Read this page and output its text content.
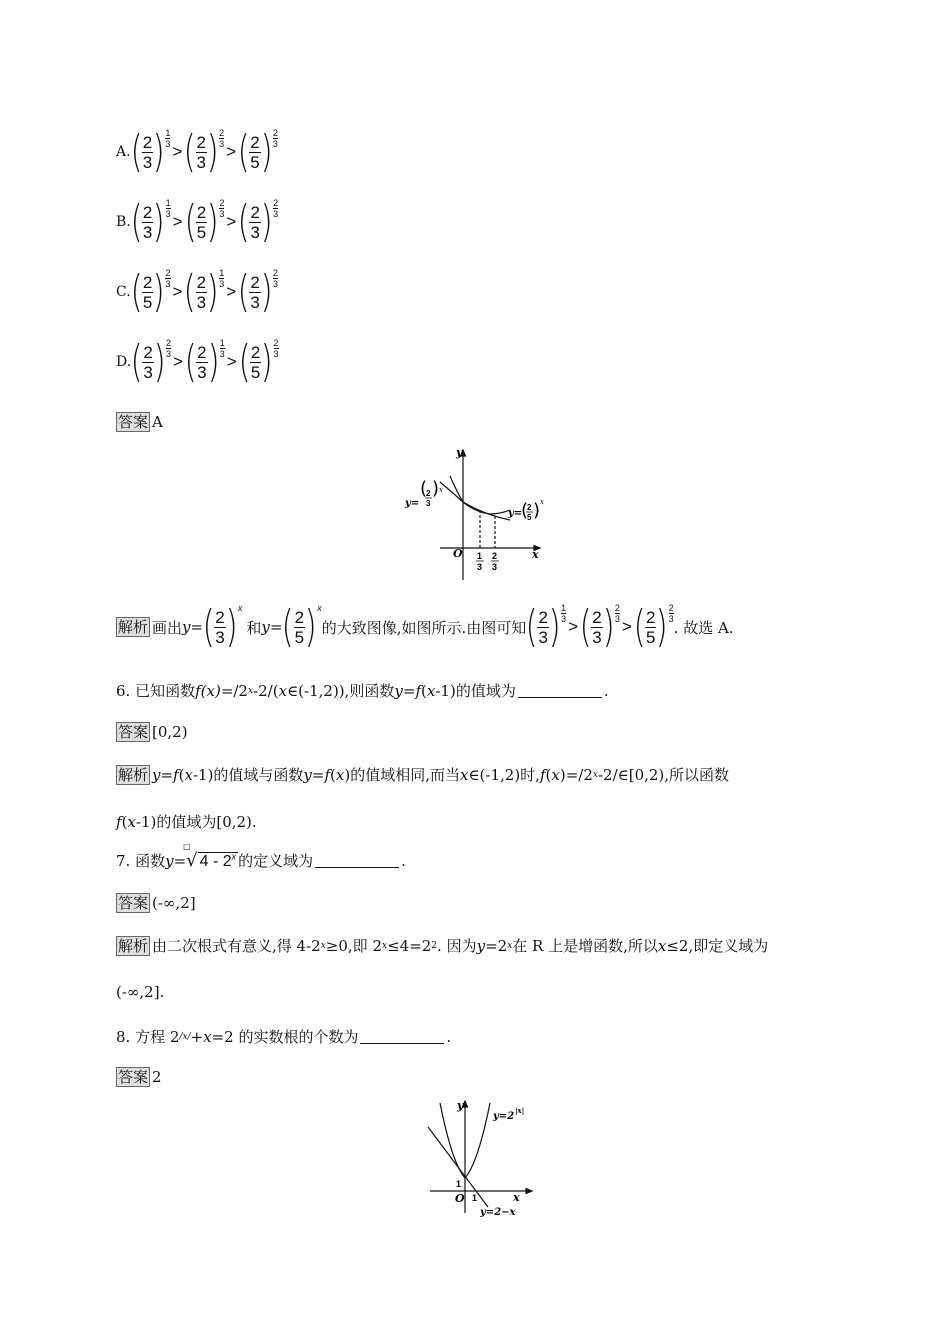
A. ( $\frac{2}{3}$ ) 1
3 > ( $\frac{2}{3}$ ) 2
3 > ( $\frac{2}{5}$ ) 2
3
B. ( $\frac{2}{3}$ ) 1
3 > ( $\frac{2}{5}$ ) 2
3 > ( $\frac{2}{3}$ ) 2
3
C. ( $\frac{2}{5}$ ) 2
3 > ( $\frac{2}{3}$ ) 1
3 > ( $\frac{2}{3}$ ) 2
3
D. ( $\frac{2}{3}$ ) 2
3 > ( $\frac{2}{3}$ ) 1
3 > ( $\frac{2}{5}$ ) 2
3
答案 A
y
x
O
y=
(
2
3
) x
y=
(
2
5 ) x
1
3
2
3
解析 画出 y= ( $\frac{2}{3}$ ) x
和 y= ( $\frac{2}{5}$ ) x
的大致图像,如图所示.由图可知 ( $\frac{2}{3}$ ) 1
3 > ( $\frac{2}{3}$ ) 2
3 > ( $\frac{2}{5}$ ) 2
3 . 故选 A.
6. 已知函数 f(x) =/2 x -2/( x ∈(-1,2)),则函数 y=f ( x -1)的值域为	.
答案 [0,2)
解析 y=f ( x -1)的值域与函数 y=f ( x )的值域相同,而当 x ∈(-1,2)时, f ( x )=/2 x -2/∈[0,2),所以函数
f ( x -1)的值域为[0,2).
7. 函数 y=
□
√ 4 - 2$^x$ 的定义域为	.
答案 (-∞,2]
解析 由二次根式有意义,得 4-2 x ≥0,即 2 x ≤4=2 2 . 因为 y =2 x 在 R 上是增函数,所以 x ≤2,即定义域为
(-∞,2].
8. 方程 2 /x/ + x =2 的实数根的个数为	.
答案 2
y
x
O
1
1
y=2
|x|
y=2−x
